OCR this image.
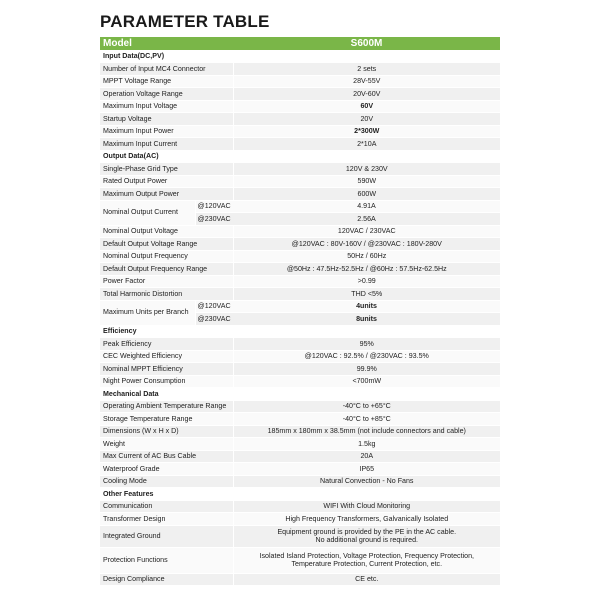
PARAMETER TABLE
Model		S600M
Input Data(DC,PV)		
Number of Input MC4 Connector		2 sets
MPPT Voltage Range		28V-55V
Operation Voltage Range		20V-60V
Maximum Input Voltage		60V
Startup Voltage		20V
Maximum Input Power		2*300W
Maximum Input Current		2*10A
Output Data(AC)		
Single-Phase Grid Type		120V & 230V
Rated Output Power		590W
Maximum Output Power		600W
Nominal Output Current	@120VAC	4.91A
	@230VAC	2.56A
Nominal Output Voltage		120VAC / 230VAC
Default Output Voltage Range		@120VAC : 80V-160V / @230VAC : 180V-280V
Nominal Output Frequency		50Hz / 60Hz
Default Output Frequency Range		@50Hz : 47.5Hz-52.5Hz / @60Hz : 57.5Hz-62.5Hz
Power Factor		>0.99
Total Harmonic Distortion		THD <5%
Maximum Units per Branch	@120VAC	4units
	@230VAC	8units
Efficiency		
Peak Efficiency		95%
CEC Weighted Efficiency		@120VAC : 92.5% / @230VAC : 93.5%
Nominal MPPT Efficiency		99.9%
Night Power Consumption		<700mW
Mechanical Data		
Operating Ambient Temperature Range		-40°C to +65°C
Storage Temperature Range		-40°C to +85°C
Dimensions (W x H x D)		185mm x 180mm x 38.5mm (not include connectors and cable)
Weight		1.5kg
Max Current of AC Bus Cable		20A
Waterproof Grade		IP65
Cooling Mode		Natural Convection - No Fans
Other Features		
Communication		WIFI With Cloud Monitoring
Transformer Design		High Frequency Transformers, Galvanically Isolated
Integrated Ground		Equipment ground is provided by the PE in the AC cable.
No additional ground is required.
Protection Functions		Isolated Island Protection, Voltage Protection, Frequency Protection,
Temperature Protection, Current Protection, etc.
Design Compliance		CE etc.
